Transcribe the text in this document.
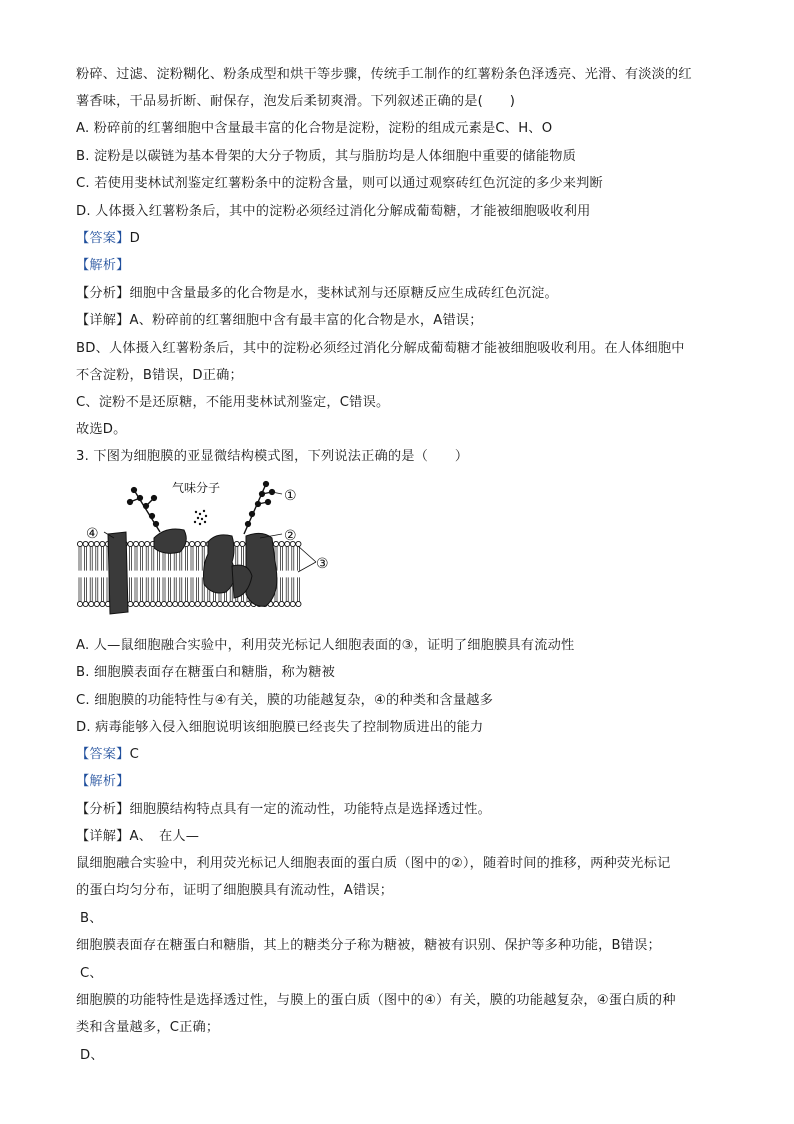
粉碎、过滤、淀粉糊化、粉条成型和烘干等步骤，传统手工制作的红薯粉条色泽透亮、光滑、有淡淡的红
薯香味，干品易折断、耐保存，泡发后柔韧爽滑。下列叙述正确的是(　　)
A. 粉碎前的红薯细胞中含量最丰富的化合物是淀粉，淀粉的组成元素是C、H、O
B. 淀粉是以碳链为基本骨架的大分子物质，其与脂肪均是人体细胞中重要的储能物质
C. 若使用斐林试剂鉴定红薯粉条中的淀粉含量，则可以通过观察砖红色沉淀的多少来判断
D. 人体摄入红薯粉条后，其中的淀粉必须经过消化分解成葡萄糖，才能被细胞吸收利用
【答案】D
【解析】
【分析】细胞中含量最多的化合物是水，斐林试剂与还原糖反应生成砖红色沉淀。
【详解】A、粉碎前的红薯细胞中含有最丰富的化合物是水，A错误；
BD、人体摄入红薯粉条后，其中的淀粉必须经过消化分解成葡萄糖才能被细胞吸收利用。在人体细胞中
不含淀粉，B错误，D正确；
C、淀粉不是还原糖，不能用斐林试剂鉴定，C错误。
故选D。
3. 下图为细胞膜的亚显微结构模式图，下列说法正确的是（　　）
A. 人—鼠细胞融合实验中，利用荧光标记人细胞表面的③，证明了细胞膜具有流动性
B. 细胞膜表面存在糖蛋白和糖脂，称为糖被
C. 细胞膜的功能特性与④有关，膜的功能越复杂，④的种类和含量越多
D. 病毒能够入侵入细胞说明该细胞膜已经丧失了控制物质进出的能力
【答案】C
【解析】
【分析】细胞膜结构特点具有一定的流动性，功能特点是选择透过性。
【详解】A、　在人—
鼠细胞融合实验中，利用荧光标记人细胞表面的蛋白质（图中的②），随着时间的推移，两种荧光标记
的蛋白均匀分布，证明了细胞膜具有流动性，A错误；
B、
细胞膜表面存在糖蛋白和糖脂，其上的糖类分子称为糖被，糖被有识别、保护等多种功能，B错误；
C、
细胞膜的功能特性是选择透过性，与膜上的蛋白质（图中的④）有关，膜的功能越复杂，④蛋白质的种
类和含量越多，C正确；
D、
气味分子	①
②
③
④
